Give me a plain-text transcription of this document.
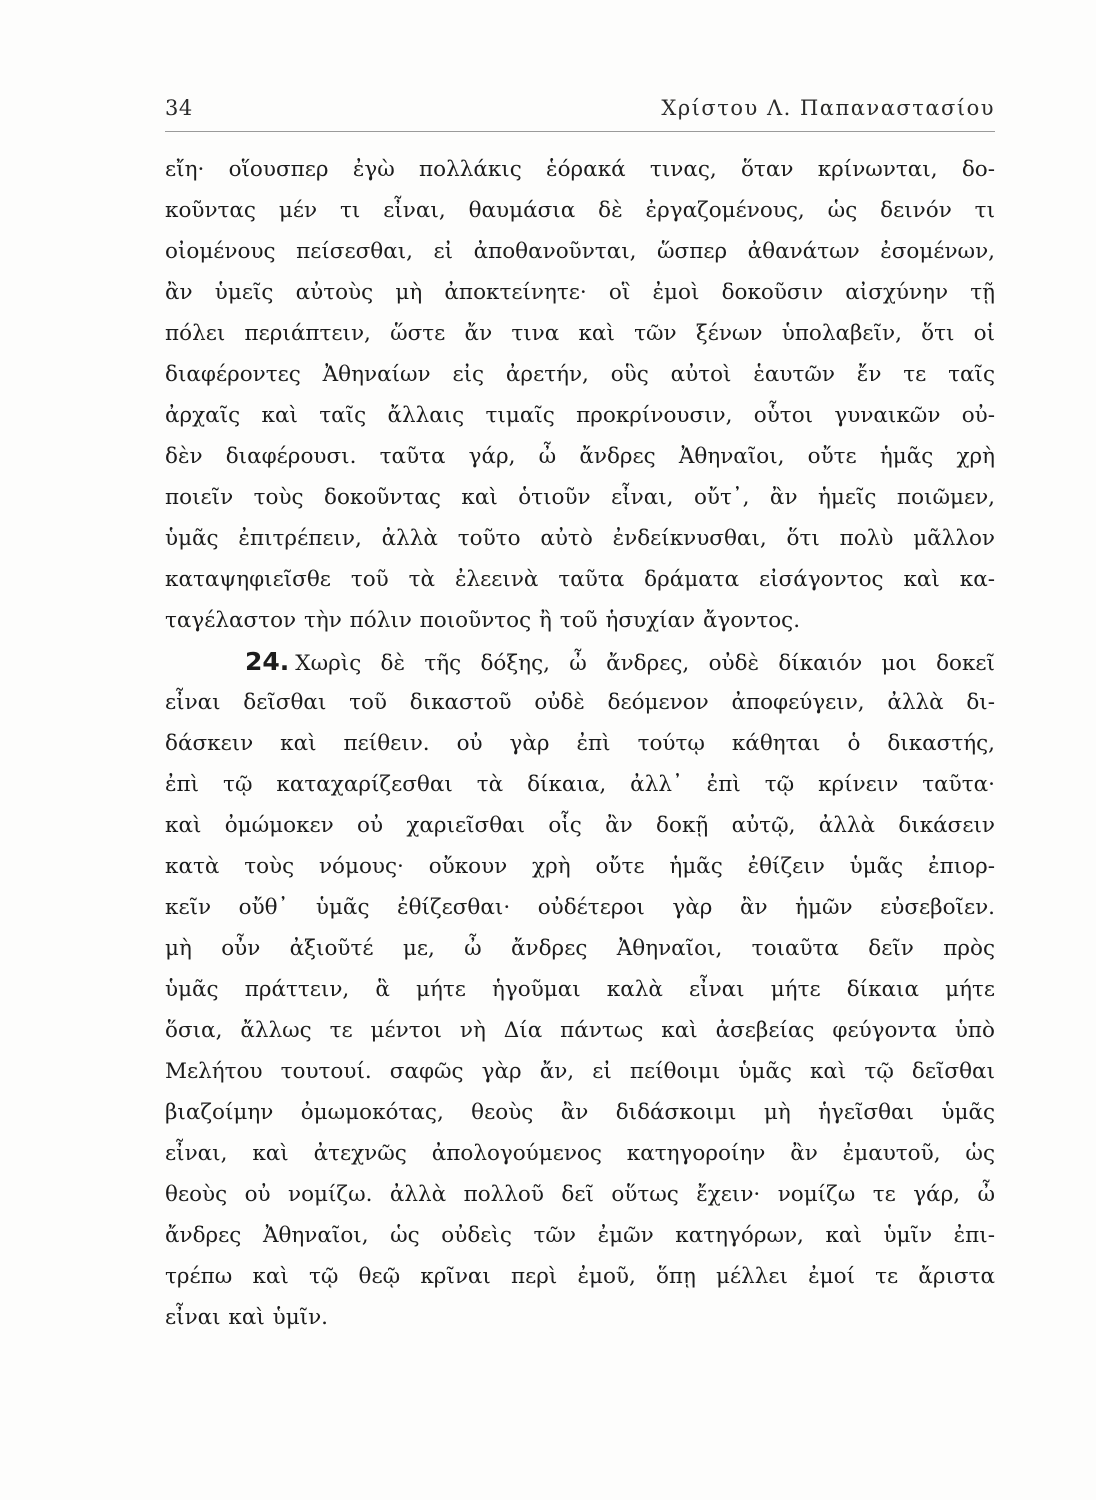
34	Χρίστου Λ. Παπαναστασίου
εἴη· οἵουσπερ ἐγὼ πολλάκις ἑόρακά τινας, ὅταν κρίνωνται, δο-
κοῦντας μέν τι εἶναι, θαυμάσια δὲ ἐργαζομένους, ὡς δεινόν τι
οἰομένους πείσεσθαι, εἰ ἀποθανοῦνται, ὥσπερ ἀθανάτων ἐσομένων,
ἂν ὑμεῖς αὐτοὺς μὴ ἀποκτείνητε· οἳ ἐμοὶ δοκοῦσιν αἰσχύνην τῇ
πόλει περιάπτειν, ὥστε ἄν τινα καὶ τῶν ξένων ὑπολαβεῖν, ὅτι οἱ
διαφέροντες Ἀθηναίων εἰς ἀρετήν, οὓς αὐτοὶ ἑαυτῶν ἔν τε ταῖς
ἀρχαῖς καὶ ταῖς ἄλλαις τιμαῖς προκρίνουσιν, οὗτοι γυναικῶν οὐ-
δὲν διαφέρουσι. ταῦτα γάρ, ὦ ἄνδρες Ἀθηναῖοι, οὔτε ἡμᾶς χρὴ
ποιεῖν τοὺς δοκοῦντας καὶ ὁτιοῦν εἶναι, οὔτ᾽, ἂν ἡμεῖς ποιῶμεν,
ὑμᾶς ἐπιτρέπειν, ἀλλὰ τοῦτο αὐτὸ ἐνδείκνυσθαι, ὅτι πολὺ μᾶλλον
καταψηφιεῖσθε τοῦ τὰ ἐλεεινὰ ταῦτα δράματα εἰσάγοντος καὶ κα-
ταγέλαστον τὴν πόλιν ποιοῦντος ἢ τοῦ ἡσυχίαν ἄγοντος.
24. Χωρὶς δὲ τῆς δόξης, ὦ ἄνδρες, οὐδὲ δίκαιόν μοι δοκεῖ
εἶναι δεῖσθαι τοῦ δικαστοῦ οὐδὲ δεόμενον ἀποφεύγειν, ἀλλὰ δι-
δάσκειν καὶ πείθειν. οὐ γὰρ ἐπὶ τούτῳ κάθηται ὁ δικαστής,
ἐπὶ τῷ καταχαρίζεσθαι τὰ δίκαια, ἀλλ᾽ ἐπὶ τῷ κρίνειν ταῦτα·
καὶ ὀμώμοκεν οὐ χαριεῖσθαι οἷς ἂν δοκῇ αὐτῷ, ἀλλὰ δικάσειν
κατὰ τοὺς νόμους· οὔκουν χρὴ οὔτε ἡμᾶς ἐθίζειν ὑμᾶς ἐπιορ-
κεῖν οὔθ᾽ ὑμᾶς ἐθίζεσθαι· οὐδέτεροι γὰρ ἂν ἡμῶν εὐσεβοῖεν.
μὴ οὖν ἀξιοῦτέ με, ὦ ἄνδρες Ἀθηναῖοι, τοιαῦτα δεῖν πρὸς
ὑμᾶς πράττειν, ἃ μήτε ἡγοῦμαι καλὰ εἶναι μήτε δίκαια μήτε
ὅσια, ἄλλως τε μέντοι νὴ Δία πάντως καὶ ἀσεβείας φεύγοντα ὑπὸ
Μελήτου τουτουί. σαφῶς γὰρ ἄν, εἰ πείθοιμι ὑμᾶς καὶ τῷ δεῖσθαι
βιαζοίμην ὀμωμοκότας, θεοὺς ἂν διδάσκοιμι μὴ ἡγεῖσθαι ὑμᾶς
εἶναι, καὶ ἀτεχνῶς ἀπολογούμενος κατηγοροίην ἂν ἐμαυτοῦ, ὡς
θεοὺς οὐ νομίζω. ἀλλὰ πολλοῦ δεῖ οὕτως ἔχειν· νομίζω τε γάρ, ὦ
ἄνδρες Ἀθηναῖοι, ὡς οὐδεὶς τῶν ἐμῶν κατηγόρων, καὶ ὑμῖν ἐπι-
τρέπω καὶ τῷ θεῷ κρῖναι περὶ ἐμοῦ, ὅπῃ μέλλει ἐμοί τε ἄριστα
εἶναι καὶ ὑμῖν.
